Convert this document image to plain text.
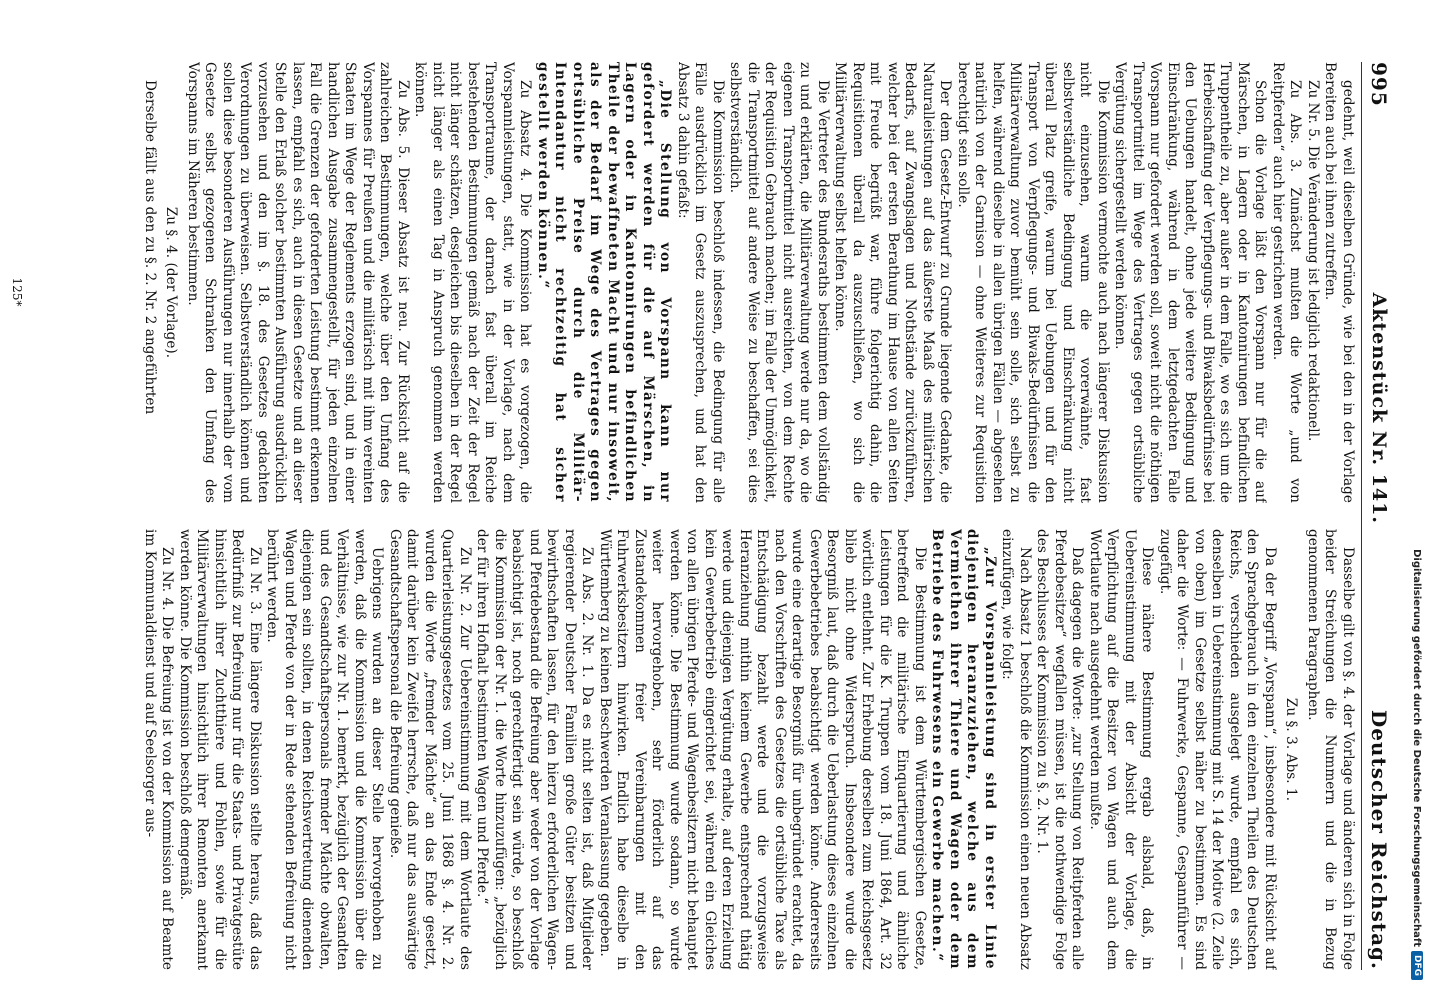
Digitalisierung gefördert durch die Deutsche Forschungsgemeinschaft
DFG
995
Aktenstück Nr. 141.
Deutscher Reichstag.

gedehnt, weil dieselben Gründe, wie bei den in der Vorlage Bereiten auch bei ihnen zutreffen.

Zu Nr. 5. Die Veränderung ist lediglich redaktionell.

Zu Abs. 3. Zunächst mußten die Worte „und von Reitpferden“ auch hier gestrichen werden.

Schon die Vorlage läßt den Vorspann nur für die auf Märschen, in Lagern oder in Kantonnirungen befindlichen Truppentheile zu, aber außer in dem Falle, wo es sich um die Herbeischaffung der Verpflegungs- und Biwaksbedürfnisse bei den Uebungen handelt, ohne jede weitere Bedingung und Einschränkung, während in dem letztgedachten Falle Vorspann nur gefordert werden soll, soweit nicht die nöthigen Transportmittel im Wege des Vertrages gegen ortsübliche Vergütung sichergestellt werden können.

Die Kommission vermochte auch nach längerer Diskussion nicht einzusehen, warum die vorerwähnte, fast selbstverständliche Bedingung und Einschränkung nicht überall Platz greife, warum bei Uebungen und für den Transport von Verpflegungs- und Biwaks-Bedürfnissen die Militärverwaltung zuvor bemüht sein solle, sich selbst zu helfen, während dieselbe in allen übrigen Fällen — abgesehen natürlich von der Garnison — ohne Weiteres zur Requisition berechtigt sein solle.

Der dem Gesetz-Entwurf zu Grunde liegende Gedanke, die Naturalleistungen auf das äußerste Maaß des militärischen Bedarfs, auf Zwangslagen und Nothstände zurückzuführen, welcher bei der ersten Berathung im Hause von allen Seiten mit Freude begrüßt war, führe folgerichtig dahin, die Requisitionen überall da auszuschließen, wo sich die Militärverwaltung selbst helfen könne.

Die Vertreter des Bundesraths bestimmten dem vollständig zu und erklärten, die Militärverwaltung werde nur da, wo die eigenen Transportmittel nicht ausreichten, von dem Rechte der Requisition Gebrauch machen; im Falle der Unmöglichkeit, die Transportmittel auf andere Weise zu beschaffen, sei dies selbstverständlich.

Die Kommission beschloß indessen, die Bedingung für alle Fälle ausdrücklich im Gesetz auszusprechen, und hat den Absatz 3 dahin gefaßt:

„Die Stellung von Vorspann kann nur gefordert werden für die auf Märschen, in Lagern oder in Kantonnirungen befindlichen Theile der bewaffneten Macht und nur insoweit, als der Bedarf im Wege des Vertrages gegen ortsübliche Preise durch die Militär-Intendantur nicht rechtzeitig hat sicher gestellt werden können.“

Zu Absatz 4. Die Kommission hat es vorgezogen, die Vorspannleistungen, statt, wie in der Vorlage, nach dem Transportraume, der darnach fast überall im Reiche bestehenden Bestimmungen gemäß nach der Zeit der Regel nicht länger schätzen, desgleichen bis dieselben in der Regel nicht länger als einen Tag in Anspruch genommen werden können.

Zu Abs. 5. Dieser Absatz ist neu. Zur Rücksicht auf die zahlreichen Bestimmungen, welche über den Umfang des Vorspannes für Preußen und die militärisch mit ihm vereinten Staaten im Wege der Reglements erzogen sind, und in einer handlichen Ausgabe zusammengestellt, für jeden einzelnen Fall die Grenzen der geforderten Leistung bestimmt erkennen lassen, empfahl es sich, auch in diesen Gesetze und an dieser Stelle den Erlaß solcher bestimmten Ausführung ausdrücklich vorzusehen und den im §. 18. des Gesetzes gedachten Verordnungen zu überweisen. Selbstverständlich können und sollen diese besonderen Ausführungen nur innerhalb der vom Gesetze selbst gezogenen Schranken den Umfang des Vorspanns im Näheren bestimmen.

Zu §. 4. (der Vorlage).

Derselbe fällt aus den zu §. 2. Nr. 2 angeführten

Dasselbe gilt von §. 4. der Vorlage und änderen sich in Folge beider Streichungen die Nummern und die in Bezug genommenen Paragraphen.

Zu §. 3. Abs. 1.

Da der Begriff „Vorspann“, insbesondere mit Rücksicht auf den Sprachgebrauch in den einzelnen Theilen des Deutschen Reichs, verschieden ausgelegt wurde, empfahl es sich, denselben in Uebereinstimmung mit S. 14 der Motive (2. Zeile von oben) im Gesetze selbst näher zu bestimmen. Es sind daher die Worte: — Fuhrwerke, Gespanne, Gespannführer — zugefügt.

Diese nähere Bestimmung ergab alsbald, daß, in Uebereinstimmung mit der Absicht der Vorlage, die Verpflichtung auf die Besitzer von Wagen und auch dem Wortlaute nach ausgedehnt werden mußte.

Daß dagegen die Worte: „zur Stellung von Reitpferden alle Pferdebesitzer“ wegfallen müssen, ist die nothwendige Folge des Beschlusses der Kommission zu §. 2. Nr. 1.

Nach Absatz 1 beschloß die Kommission einen neuen Absatz einzufügen, wie folgt:

„Zur Vorspannleistung sind in erster Linie diejenigen heranzuziehen, welche aus dem Vermiethen ihrer Thiere und Wagen oder dem Betriebe des Fuhrwesens ein Gewerbe machen.“

Die Bestimmung ist dem Württembergischen Gesetze, betreffend die militärische Einquartierung und ähnliche Leistungen für die K. Truppen vom 18. Juni 1864, Art. 32 wörtlich entlehnt. Zur Erhebung derselben zum Reichsgesetz blieb nicht ohne Widerspruch. Insbesondere wurde die Besorgniß laut, daß durch die Ueberlastung dieses einzelnen Gewerbebetriebes beabsichtigt werden könne. Andererseits wurde eine derartige Besorgniß für unbegründet erachtet, da nach den Vorschriften des Gesetzes die ortsübliche Taxe als Entschädigung bezahlt werde und die vorzugsweise Heranziehung mithin keinem Gewerbe entsprechend thätig werde und diejenigen Vergütung erhalte, auf deren Erzielung kein Gewerbebetrieb eingerichtet sei, während ein Gleiches von allen übrigen Pferde- und Wagenbesitzern nicht behauptet werden könne. Die Bestimmung wurde sodann, so wurde weiter hervorgehoben, sehr förderlich auf das Zustandekommen freier Vereinbarungen mit den Fuhrwerksbesitzern hinwirken. Endlich habe dieselbe in Württemberg zu keinen Beschwerden Veranlassung gegeben.

Zu Abs. 2. Nr. 1. Da es nicht selten ist, daß Mitglieder regierender Deutscher Familien große Güter besitzen und bewirthschaften lassen, für den hierzu erforderlichen Wagen- und Pferdebestand die Befreiung aber weder von der Vorlage beabsichtigt ist, noch gerechtfertigt sein würde, so beschloß die Kommission der Nr. 1. die Worte hinzuzufügen: „bezüglich der für ihren Hofhalt bestimmten Wagen und Pferde.“

Zu Nr. 2. Zur Uebereinstimmung mit dem Wortlaute des Quartierleistungsgesetzes vom 25. Juni 1868 §. 4. Nr. 2. wurden die Worte „fremder Mächte“ an das Ende gesetzt, damit darüber kein Zweifel herrsche, daß nur das auswärtige Gesandtschaftspersonal die Befreiung genieße.

Uebrigens wurden an dieser Stelle hervorgehoben zu werden, daß die Kommission und die Kommission über die Verhältnisse, wie zur Nr. 1. bemerkt, bezüglich der Gesandten und des Gesandtschaftspersonals fremder Mächte obwalten, diejenigen sein sollten, in denen Reichsvertretung dienenden Wagen und Pferde von der in Rede stehenden Befreiung nicht berührt werden.

Zu Nr. 3. Eine längere Diskussion stellte heraus, daß das Bedürfniß zur Befreiung nur für die Staats- und Privatgestüte hinsichtlich ihrer Zuchtthiere und Fohlen, sowie für die Militärverwaltungen hinsichtlich ihrer Remonten anerkannt werden könne. Die Kommission beschloß demgemäß.

Zu Nr. 4. Die Befreiung ist von der Kommission auf Beamte im Kommunaldienst und auf Seelsorger aus-

125*
